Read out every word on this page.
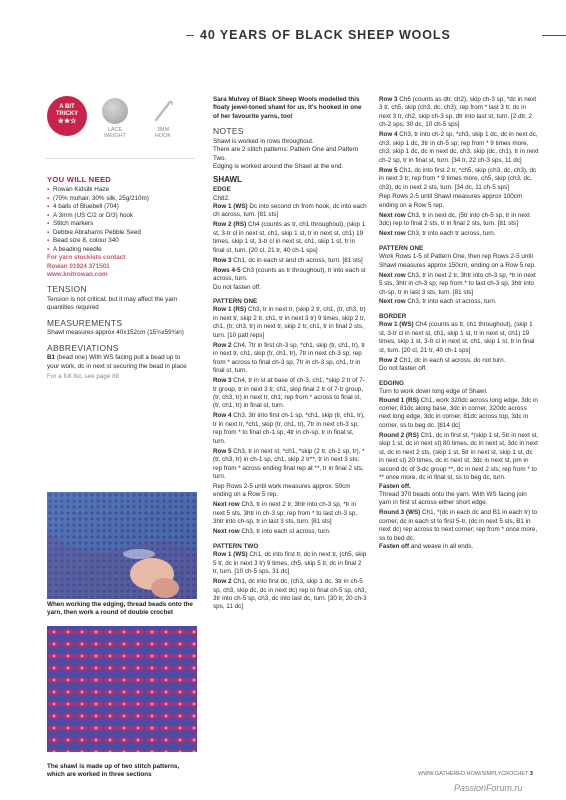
40 YEARS OF BLACK SHEEP WOOLS
A BIT
TRICKY
★★☆
LACE
WEIGHT
3MM
HOOK
YOU WILL NEED
▪ Rowan Kidsilk Haze
▪ (70% mohair, 30% silk, 25g/210m)
▪ 4 balls of Bluebell (704)
▪ A 3mm (US C/2 or D/3) hook
▪ Stitch markers
▪ Debbie Abrahams Pebble Seed
▪ Bead size 8, colour 340
▪ A beading needle
For yarn stockists contact
Rowan 01924 371501
www.knitrowan.com
TENSION
Tension is not critical, but it may affect the yarn quantities required
MEASUREMENTS
Shawl measures approx 40x152cm (15¾x59¾in)
ABBREVIATIONS
B1 (bead one) With WS facing pull a bead up to your work, dc in next st securing the bead in place
For a full list, see page 88
When working the edging, thread beads onto the yarn, then work a round of double crochet
The shawl is made up of two stitch patterns, which are worked in three sections
Sara Mulvey of Black Sheep Wools modelled this floaty jewel-toned shawl for us. It's hooked in one of her favourite yarns, too!
NOTES
Shawl is worked in rows throughout.
There are 2 stitch patterns: Pattern One and Pattern Two.
Edging is worked around the Shawl at the end.
SHAWL
EDGE
Ch82.
Row 1 (WS) Dc into second ch from hook, dc into each ch across, turn. [81 sts]
Row 2 (RS) Ch4 (counts as tr, ch1 throughout), (skip 1 st, 3-tr cl in next st, ch1, skip 1 st, tr in next st, ch1) 19 times, skip 1 st, 3-tr cl in next st, ch1, skip 1 st, tr in final st, turn. [20 cl, 21 tr, 40 ch-1 sps]
Row 3 Ch1, dc in each st and ch across, turn. [81 sts]
Rows 4-5 Ch3 (counts as tr throughout), tr into each st across, turn.
Do not fasten off.
PATTERN ONE
Row 1 (RS) Ch3, tr in next tr, (skip 2 tr, ch1, (tr, ch3, tr) in next tr, skip 2 tr, ch1, tr in next 3 tr) 9 times, skip 2 tr, ch1, (tr, ch3, tr) in next tr, skip 2 tr, ch1, tr in final 2 sts, turn. [10 patt reps]
Row 2 Ch4, 7tr in first ch-3 sp, *ch1, skip (tr, ch1, tr), tr in next tr, ch1, skip (tr, ch1, tr), 7tr in next ch-3 sp; rep from * across to final ch-3 sp, 7tr in ch-3 sp, ch1, tr in final st, turn.
Row 3 Ch4, tr in st at base of ch-3, ch1, *skip 2 tr of 7-tr group, tr in next 3 tr, ch1, skip final 2 tr of 7-tr group, (tr, ch3, tr) in next tr, ch1; rep from * across to final st, (tr, ch1, tr) in final st, turn.
Row 4 Ch3, 3tr into first ch-1 sp, *ch1, skip (tr, ch1, tr), tr in next tr, *ch1, skip (tr, ch1, tr), 7tr in next ch-3 sp; rep from * to final ch-1 sp, 4tr in ch-sp, tr in final st, turn.
Row 5 Ch3, tr in next st, *ch1, *skip (2 tr, ch-1 sp, tr), *(tr, ch3, tr) in ch-1 sp, ch1, skip 2 tr**, tr in next 3 sts; rep from * across ending final rep at **, tr in final 2 sts, turn.
Rep Rows 2-5 until work measures approx. 50cm ending on a Row 5 rep.
Next row Ch3, tr in next 2 tr, 3htr into ch-3 sp, *tr in next 5 sts, 3htr in ch-3 sp; rep from * to last ch-3 sp, 3htr into ch-sp, tr in last 3 sts, turn. [81 sts]
Next row Ch3, tr into each st across, turn.
PATTERN TWO
Row 1 (WS) Ch1, dc into first tr, dc in next tr, (ch5, skip 5 tr, dc in next 3 tr) 9 times, ch5, skip 5 tr, dc in final 2 tr, turn. [10 ch-5 sps, 31 dc]
Row 2 Ch1, dc into first dc, (ch3, skip 1 dc, 3tr in ch-5 sp, ch3, skip dc, dc in next dc) rep to final ch-5 sp, ch3, 3tr into ch-5 sp, ch3, dc into last dc, turn. [30 tr, 20 ch-3 sps, 11 dc]
Row 3 Ch6 (counts as dtr, ch2), skip ch-3 sp, *dc in next 3 tr, ch5, skip (ch3, dc, ch3); rep from * last 3 tr, dc in next 3 tr, ch2, skip ch-3 sp, dtr into last st, turn. [2 dtr, 2 ch-2 sps, 30 dc, 10 ch-5 sps]
Row 4 Ch3, tr into ch-2 sp, *ch3, skip 1 dc, dc in next dc, ch3, skip 1 dc, 3tr in ch-5 sp; rep from * 9 times more, ch3, skip 1 dc, dc in next dc, ch3, skip (dc, ch1), tr in next ch-2 sp, tr in final st, turn. [34 tr, 22 ch-3 sps, 11 dc]
Row 5 Ch1, dc into first 2 tr, *ch5, skip (ch3, dc, ch3), dc in next 3 tr; rep from * 9 times more, ch5, skip (ch3, dc, ch3), dc in next 2 sts, turn. [34 dc, 11 ch-5 sps]
Rep Rows 2-5 until Shawl measures approx 100cm ending on a Row 5 rep.
Next row Ch3, tr in next dc, (5tr into ch-5 sp, tr in next 3dc) rep to final 2 sts, tr in final 2 sts, turn. [81 sts]
Next row Ch3, tr into each tr across, turn.
PATTERN ONE
Work Rows 1-5 of Pattern One, then rep Rows 2-5 until Shawl measures approx 150cm, ending on a Row 5 rep.
Next row Ch3, tr in next 2 tr, 3htr into ch-3 sp, *tr in next 5 sts, 3htr in ch-3 sp; rep from * to last ch-3 sp, 3htr into ch-sp, tr in last 3 sts, turn. [81 sts]
Next row Ch3, tr into each st across, turn.
BORDER
Row 1 (WS) Ch4 (counts as tr, ch1 throughout), (skip 1 st, 3-tr cl in next st, ch1, skip 1 st, tr in next st, ch1) 19 times, skip 1 st, 3-tr cl in next st, ch1, skip 1 st, tr in final st, turn. [20 cl, 21 tr, 40 ch-1 sps]
Row 2 Ch1, dc in each st across, do not turn.
Do not fasten off.
EDGING
Turn to work down long edge of Shawl.
Round 1 (RS) Ch1, work 320dc across long edge, 3dc in corner, 81dc along base, 3dc in corner, 320dc across next long edge, 3dc in corner, 81dc across top, 3dc in corner, ss to beg dc. [814 dc]
Round 2 (RS) Ch1, dc in first st, *(skip 1 st, 5tr in next st, skip 1 st, dc in next st) 80 times, dc in next st, 3dc in next st, dc in next 2 sts, (skip 1 st, 5tr in next st, skip 1 st, dc in next st) 20 times, dc in next st, 3dc in next st, pm in second dc of 3-dc group **, dc in next 2 sts; rep from * to ** once more, dc in final st, ss to beg dc, turn.
Fasten off.
Thread 370 beads onto the yarn. With WS facing join yarn in first st across either short edge.
Round 3 (WS) Ch1, *(dc in each dc and B1 in each tr) to corner, dc in each st to first 5-tr, (dc in next 5 sts, B1 in next dc) rep across to next corner; rep from * once more, ss to bed dc.
Fasten off and weave in all ends.
WWW.GATHERED.HOW/SIMPLYCROCHET 3
PassionForum.ru
